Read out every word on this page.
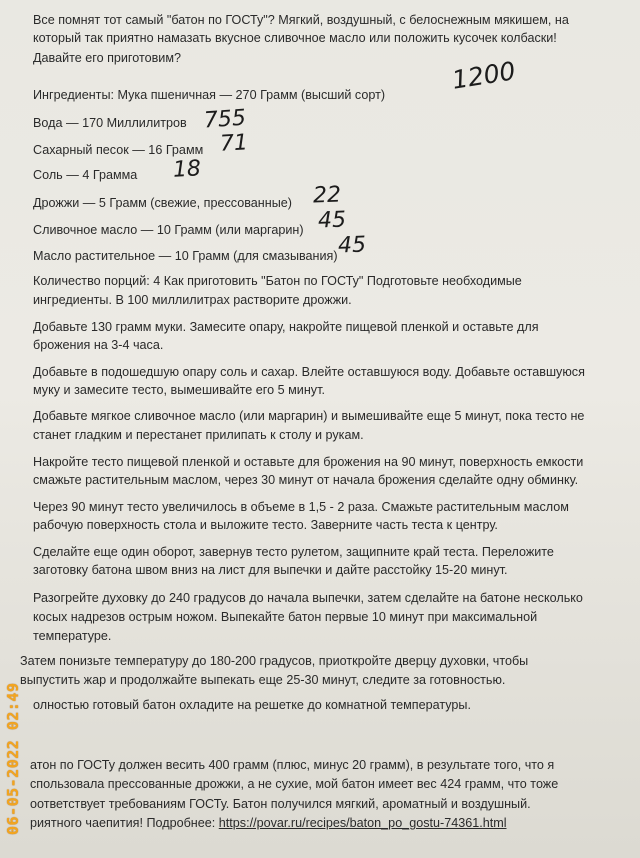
Все помнят тот самый "батон по ГОСТу"? Мягкий, воздушный, с белоснежным мякишем, на

который так приятно намазать вкусное сливочное масло или положить кусочек колбаски!

Давайте его приготовим?

Ингредиенты: Мука пшеничная — 270 Грамм (высший сорт)

Вода — 170 Миллилитров

Сахарный песок — 16 Грамм

Соль — 4 Грамма

Дрожжи — 5 Грамм (свежие, прессованные)

Сливочное масло — 10 Грамм (или маргарин)

Масло растительное — 10 Грамм (для смазывания)

Количество порций: 4 Как приготовить "Батон по ГОСТу" Подготовьте необходимые

ингредиенты. В 100 миллилитрах растворите дрожжи.

Добавьте 130 грамм муки. Замесите опару, накройте пищевой пленкой и оставьте для

брожения на 3-4 часа.

Добавьте в подошедшую опару соль и сахар. Влейте оставшуюся воду. Добавьте оставшуюся

муку и замесите тесто, вымешивайте его 5 минут.

Добавьте мягкое сливочное масло (или маргарин) и вымешивайте еще 5 минут, пока тесто не

станет гладким и перестанет прилипать к столу и рукам.

Накройте тесто пищевой пленкой и оставьте для брожения на 90 минут, поверхность емкости

смажьте растительным маслом, через 30 минут от начала брожения сделайте одну обминку.

Через 90 минут тесто увеличилось в объеме в 1,5 - 2 раза. Смажьте растительным маслом

рабочую поверхность стола и выложите тесто. Заверните часть теста к центру.

Сделайте еще один оборот, завернув тесто рулетом, защипните край теста. Переложите

заготовку батона швом вниз на лист для выпечки и дайте расстойку 15-20 минут.

Разогрейте духовку до 240 градусов до начала выпечки, затем сделайте на батоне несколько

косых надрезов острым ножом. Выпекайте батон первые 10 минут при максимальной

температуре.

Затем понизьте температуру до 180-200 градусов, приоткройте дверцу духовки, чтобы

выпустить жар и продолжайте выпекать еще 25-30 минут, следите за готовностью.

олностью готовый батон охладите на решетке до комнатной температуры.

атон по ГОСТу должен весить 400 грамм (плюс, минус 20 грамм), в результате того, что я

спользовала прессованные дрожжи, а не сухие, мой батон имеет вес 424 грамм, что тоже

оответствует требованиям ГОСТу. Батон получился мягкий, ароматный и воздушный.

риятного чаепития! Подробнее: https://povar.ru/recipes/baton_po_gostu-74361.html

1200

755

71

18

22

45

45

06-05-2022 02:49
